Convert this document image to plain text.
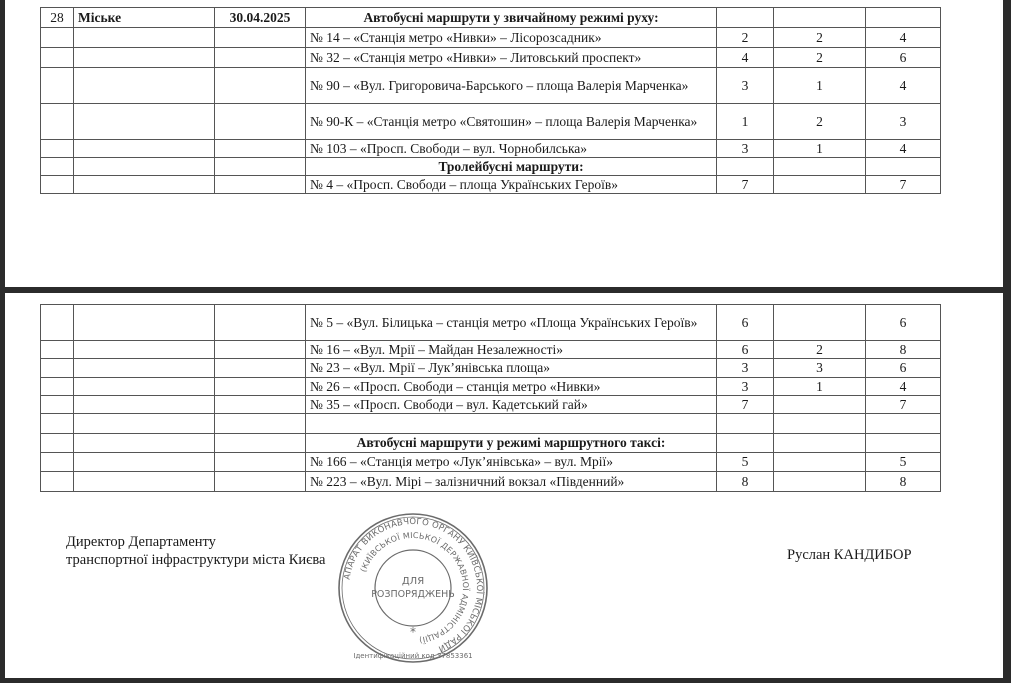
28	Міське	30.04.2025	Автобусні маршрути у звичайному режимі руху:			
			№ 14 – «Станція метро «Нивки» – Лісорозсадник»	2	2	4
			№ 32 – «Станція метро «Нивки» – Литовський проспект»	4	2	6
			№ 90 – «Вул. Григоровича-Барського – площа Валерія Марченка»	3	1	4
			№ 90-К – «Станція метро «Святошин» – площа Валерія Марченка»	1	2	3
			№ 103 – «Просп. Свободи – вул. Чорнобилська»	3	1	4
			Тролейбусні маршрути:			
			№ 4 – «Просп. Свободи – площа Українських Героїв»	7		7
			№ 5 – «Вул. Білицька – станція метро «Площа Українських Героїв»	6		6
			№ 16 – «Вул. Мрії – Майдан Незалежності»	6	2	8
			№ 23 – «Вул. Мрії – Лук’янівська площа»	3	3	6
			№ 26 – «Просп. Свободи – станція метро «Нивки»	3	1	4
			№ 35 – «Просп. Свободи – вул. Кадетський гай»	7		7

			Автобусні маршрути у режимі маршрутного таксі:			
			№ 166 – «Станція метро «Лук’янівська» – вул. Мрії»	5		5
			№ 223 – «Вул. Мірі – залізничний вокзал «Південний»	8		8
Директор Департаменту
транспортної інфраструктури міста Києва	Руслан КАНДИБОР
АПАРАТ ВИКОНАВЧОГО ОРГАНУ КИЇВСЬКОЇ МІСЬКОЇ РАДИ
(КИЇВСЬКОЇ МІСЬКОЇ ДЕРЖАВНОЇ АДМІНІСТРАЦІЇ)
ДЛЯ
РОЗПОРЯДЖЕНЬ
*
Ідентифікаційний код 37853361
